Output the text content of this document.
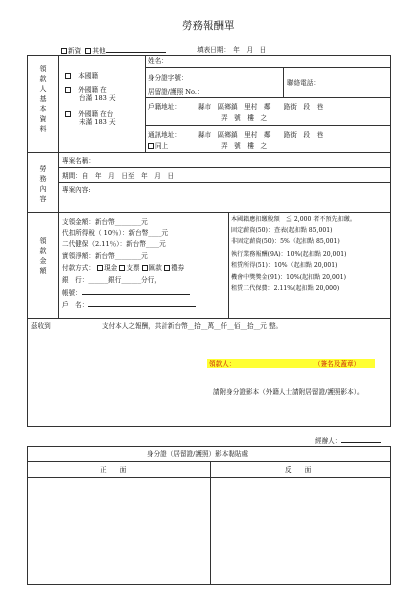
勞務報酬單
新資 其他	填表日期：　年　月　日
領款人基本資料
本國籍
外國籍 在
台滿 183 天
外國籍 在台
未滿 183 天
姓名：
身分證字號：
居留證/護照 No.：
聯絡電話：
戶籍地址：	縣市　區鄉鎮　里村　鄰　　路街　段　巷
弄　號　樓　之
通訊地址：	縣市　區鄉鎮　里村　鄰　　路街　段　巷
同上	弄　號　樓　之
勞務內容
專案名稱：
期間：自　年　月　日至　年　月　日
專案內容:
領款金額
支領金額：新台幣________元
代扣所得稅（ 10％）：新台幣____元
二代健保（2.11％）：新台幣____元
實領淨額：新台幣________元
付款方式： 現金 支票 匯款 禮券
銀　行：______銀行______分行，
帳號：
戶　名：
本國籍應扣繳稅額　≦ 2,000 者不預先扣繳。
固定薪資(50)：查表(起扣點 85,001)
非固定薪資(50)：5%（起扣點 85,001)
執行業務報酬(9A)：10%(起扣點 20,001)
租賃所得(51)：10%（起扣點 20,001)
機會中獎獎金(91)：10%(起扣點 20,001)
租賃二代保費：2.11%(起扣點 20,000)
茲收到	支付本人之報酬，共計新台幣__拾__萬__仟__佰__拾__元 整。
領款人：	（簽名及蓋章）
請附身分證影本（外籍人士請附居留證/護照影本）。
經辦人：
身分證（居留證/護照）影本黏貼處
正　　面	反　　面
